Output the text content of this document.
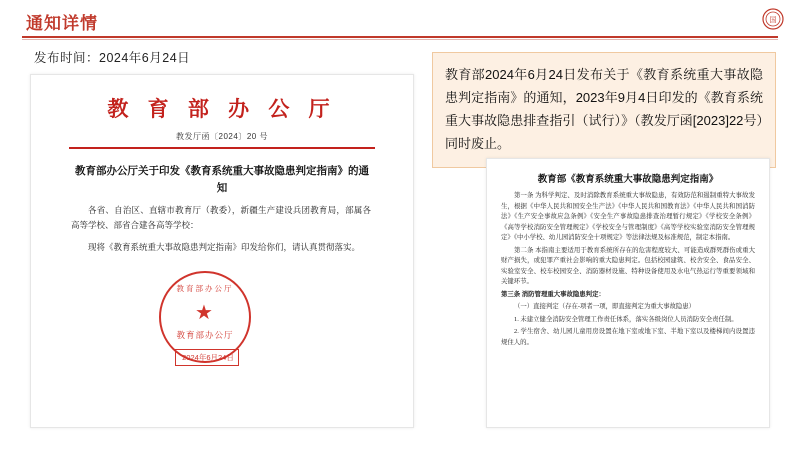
通知详情	国
发布时间：2024年6月24日
教 育 部 办 公 厅
教发厅函〔2024〕20 号
教育部办公厅关于印发《教育系统重大事故隐患判定指南》的通知

各省、自治区、直辖市教育厅（教委），新疆生产建设兵团教育局，部属各高等学校、部省合建各高等学校：

现将《教育系统重大事故隐患判定指南》印发给你们，请认真贯彻落实。

教育部办公厅
★
教育部办公厅
2024年6月24日
教育部2024年6月24日发布关于《教育系统重大事故隐患判定指南》的通知，2023年9月4日印发的《教育系统重大事故隐患排查指引（试行）》（教发厅函[2023]22号）同时废止。
教育部《教育系统重大事故隐患判定指南》

第一条 为科学判定、及时消除教育系统重大事故隐患，有效防范和遏制重特大事故发生，根据《中华人民共和国安全生产法》《中华人民共和国教育法》《中华人民共和国消防法》《生产安全事故应急条例》《安全生产事故隐患排查治理暂行规定》《学校安全条例》《高等学校消防安全管理规定》《学校安全与管理制度》《高等学校实验室消防安全管理规定》《中小学校、幼儿园消防安全十项规定》等法律法规及标准规范，制定本指南。

第二条 本指南主要适用于教育系统所存在的危害程度较大、可能造成群死群伤或重大财产损失，或犯罪产重社会影响的重大隐患判定。包括校园建筑、校舍安全、食品安全、实验室安全、校车校园安全、消防器材设施、特种设备使用及水电气热运行等重要领域和关键环节。

第三条 消防管理重大事故隐患判定：

（一）直接判定（存在-项者一项，即直接判定为重大事故隐患）

1. 未建立健全消防安全管理工作责任体系，落实各级岗位人员消防安全责任制。

2. 学生宿舍、幼儿园儿童用房设置在地下室或地下室、半地下室以及楼梯间内设置违规住人的。
